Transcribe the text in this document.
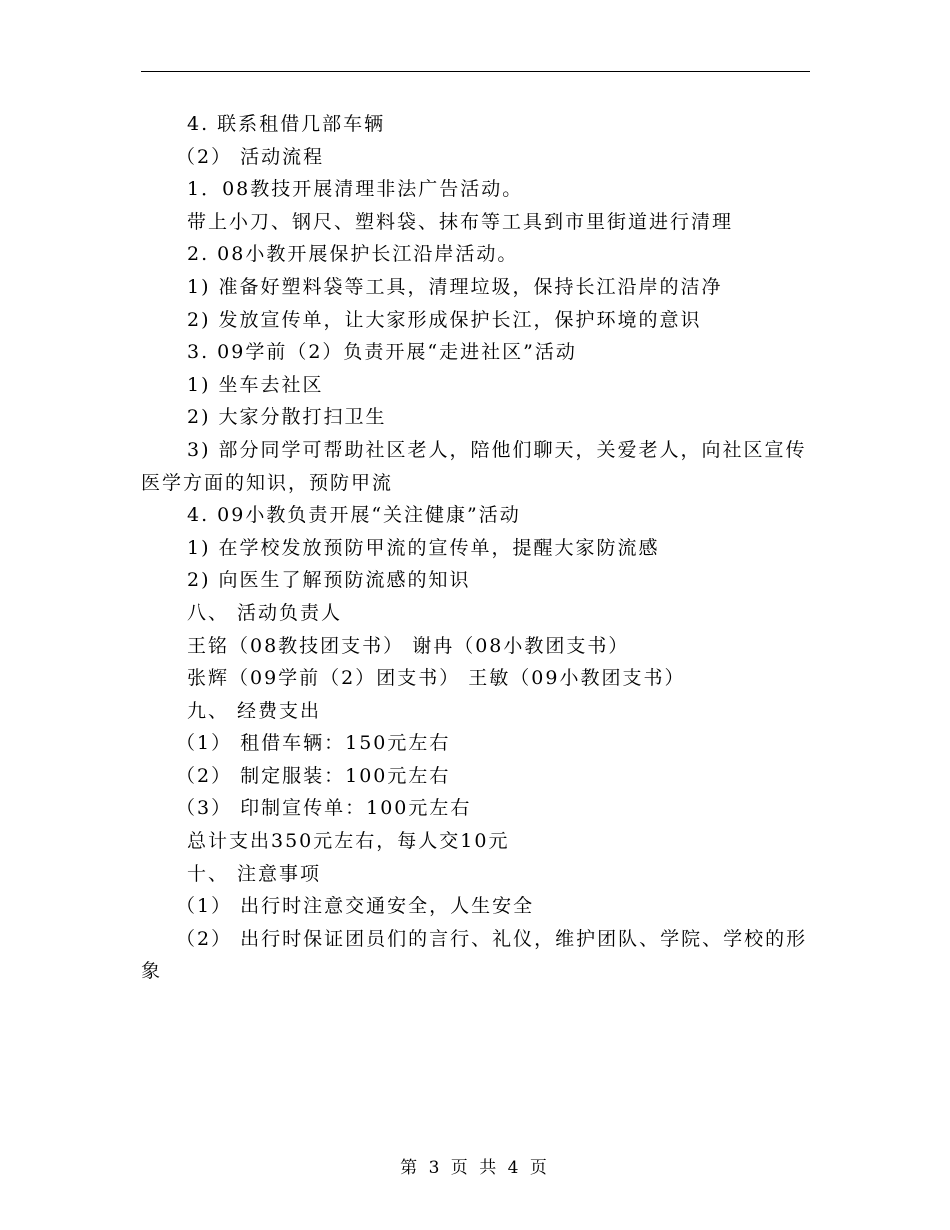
4. 联系租借几部车辆
（2） 活动流程
1．08教技开展清理非法广告活动。
带上小刀、钢尺、塑料袋、抹布等工具到市里街道进行清理
2. 08小教开展保护长江沿岸活动。
1) 准备好塑料袋等工具，清理垃圾，保持长江沿岸的洁净
2) 发放宣传单，让大家形成保护长江，保护环境的意识
3. 09学前（2）负责开展“走进社区”活动
1) 坐车去社区
2) 大家分散打扫卫生
3) 部分同学可帮助社区老人，陪他们聊天，关爱老人，向社区宣传医学方面的知识，预防甲流
4. 09小教负责开展“关注健康”活动
1) 在学校发放预防甲流的宣传单，提醒大家防流感
2) 向医生了解预防流感的知识
八、 活动负责人
王铭（08教技团支书） 谢冉（08小教团支书）
张辉（09学前（2）团支书） 王敏（09小教团支书）
九、 经费支出
（1） 租借车辆：150元左右
（2） 制定服装：100元左右
（3） 印制宣传单：100元左右
总计支出350元左右，每人交10元
十、 注意事项
（1） 出行时注意交通安全，人生安全
（2） 出行时保证团员们的言行、礼仪，维护团队、学院、学校的形象
第 3 页 共 4 页
